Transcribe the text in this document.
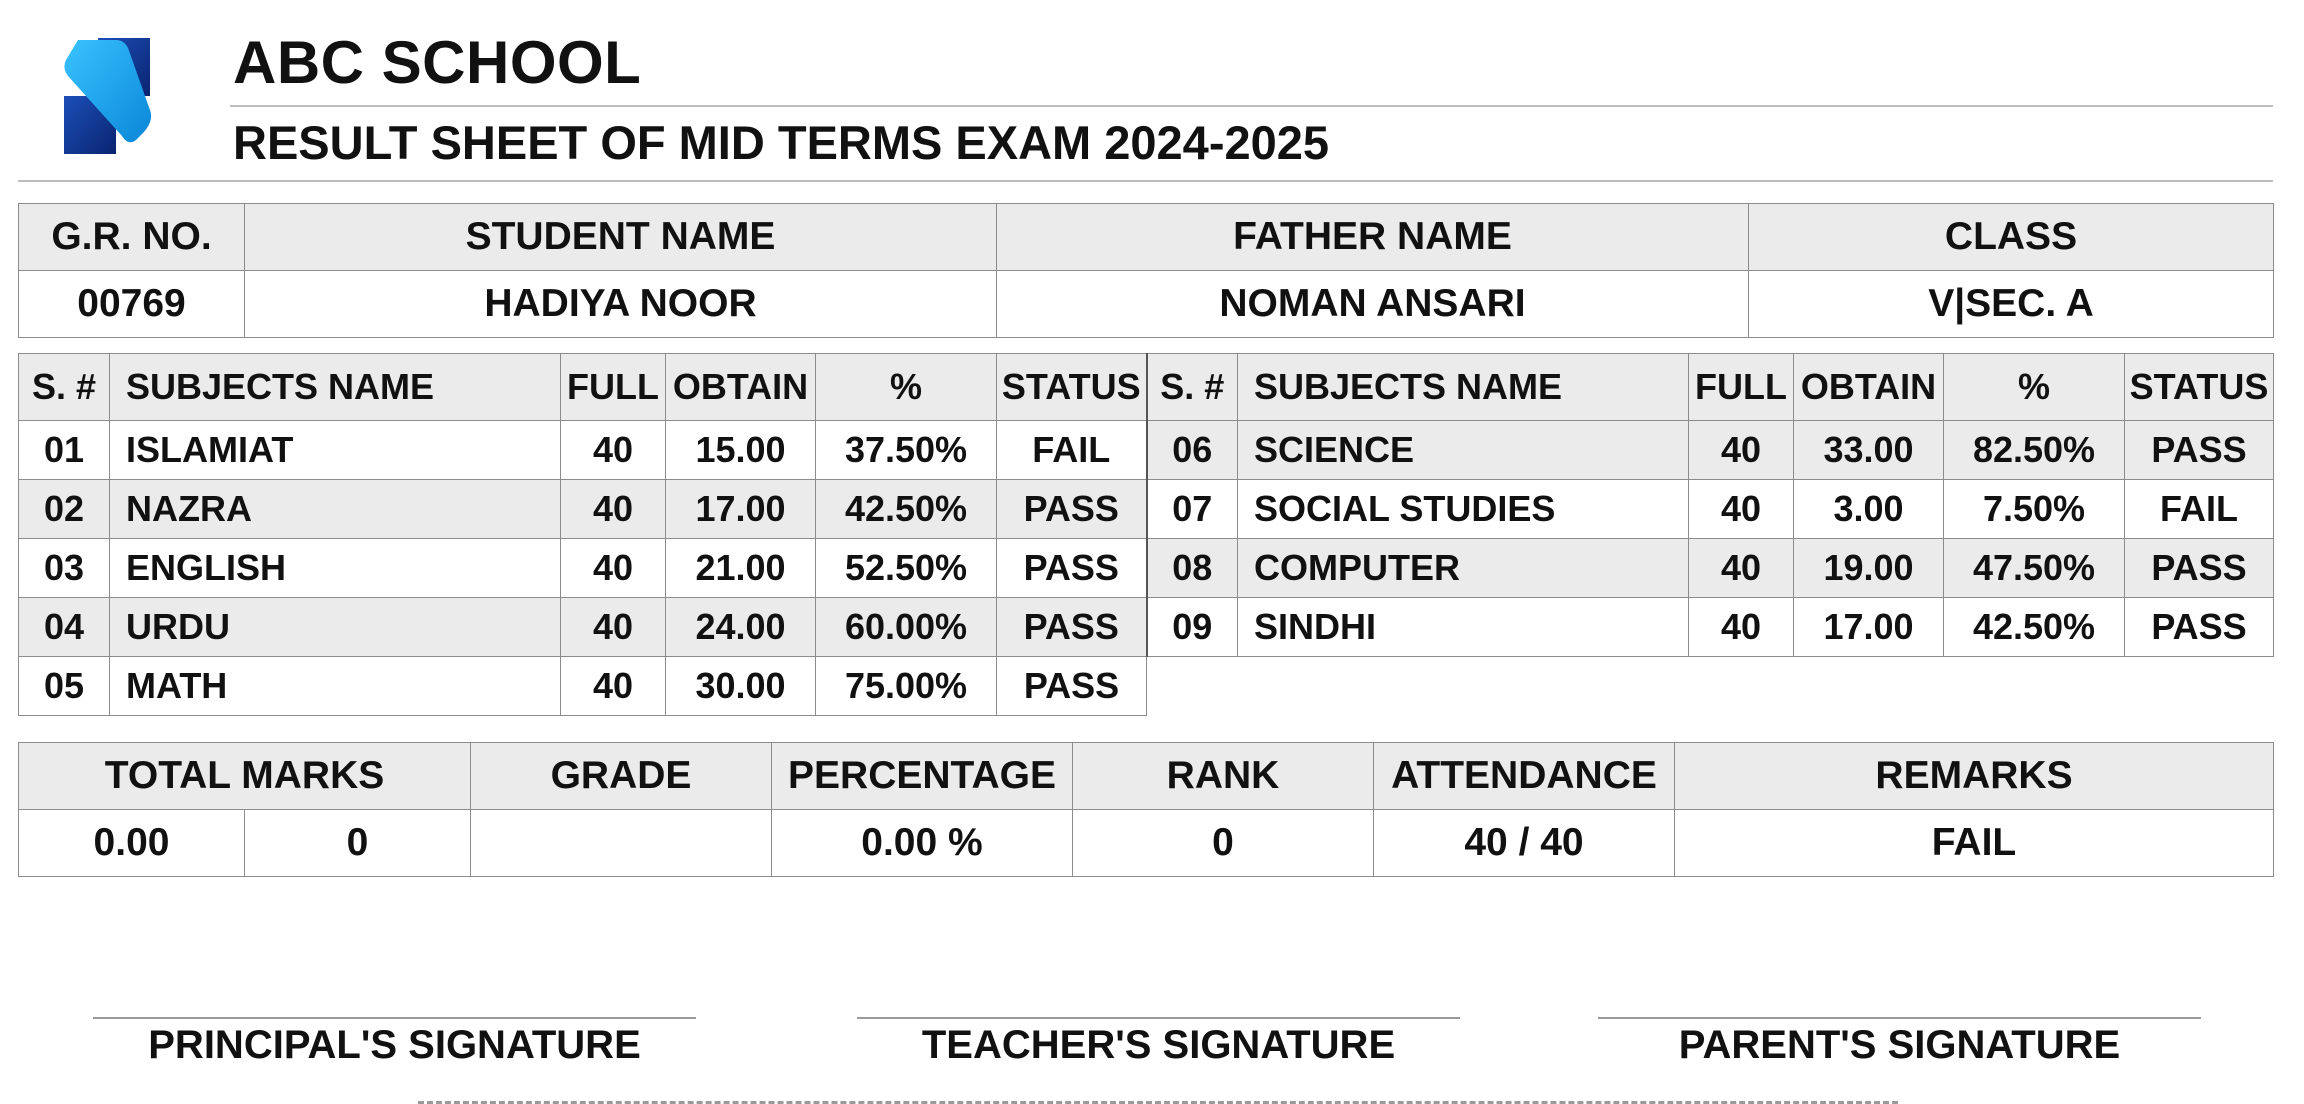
ABC SCHOOL
RESULT SHEET OF MID TERMS EXAM 2024-2025
G.R. NO.	STUDENT NAME	FATHER NAME	CLASS
00769	HADIYA NOOR	NOMAN ANSARI	V|SEC. A
S. #	SUBJECTS NAME	FULL	OBTAIN	%	STATUS	S. #	SUBJECTS NAME	FULL	OBTAIN	%	STATUS
01	ISLAMIAT	40	15.00	37.50%	FAIL	06	SCIENCE	40	33.00	82.50%	PASS
02	NAZRA	40	17.00	42.50%	PASS	07	SOCIAL STUDIES	40	3.00	7.50%	FAIL
03	ENGLISH	40	21.00	52.50%	PASS	08	COMPUTER	40	19.00	47.50%	PASS
04	URDU	40	24.00	60.00%	PASS	09	SINDHI	40	17.00	42.50%	PASS
05	MATH	40	30.00	75.00%	PASS						
TOTAL MARKS		GRADE	PERCENTAGE	RANK	ATTENDANCE	REMARKS
0.00	0		0.00 %	0	40 / 40	FAIL
PRINCIPAL'S SIGNATURE	TEACHER'S SIGNATURE	PARENT'S SIGNATURE
